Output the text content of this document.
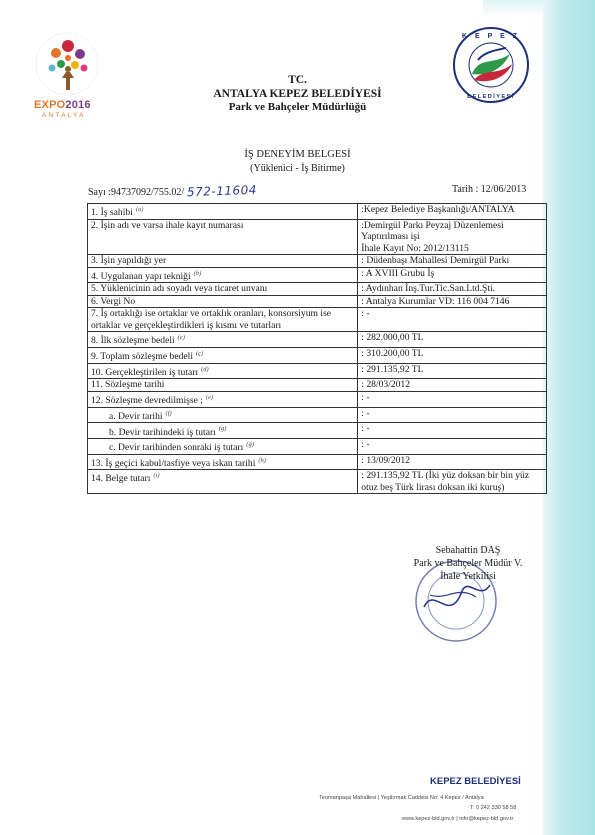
EXPO2016
ANTALYA
K E P E Z
BELEDİYESİ
TC.
ANTALYA KEPEZ BELEDİYESİ
Park ve Bahçeler Müdürlüğü
İŞ DENEYİM BELGESİ
(Yüklenici - İş Bitirme)
Sayı :94737092/755.02/ 572-11604	Tarih : 12/06/2013
1. İş sahibi $^{(a)}$	:Kepez Belediye Başkanlığı/ANTALYA

2. İşin adı ve varsa ihale kayıt numarası	:Demirgül Parkı Peyzaj Düzenlemesi Yaptırılması işi
İhale Kayıt No: 2012/13115

3. İşin yapıldığı yer	: Düdenbaşı Mahallesi Demirgül Parkı

4. Uygulanan yapı tekniği $^{(b)}$	: A XVIII Grubu İş

5. Yüklenicinin adı soyadı veya ticaret unvanı	: Aydınhan İnş.Tur.Tic.San.Ltd.Şti.

6. Vergi No	: Antalya Kurumlar VD: 116 004 7146

7. İş ortaklığı ise ortaklar ve ortaklık oranları, konsorsiyum ise ortaklar ve gerçekleştirdikleri iş kısmı ve tutarları	: -

8. İlk sözleşme bedeli $^{(c)}$	: 282.000,00 TL

9. Toplam sözleşme bedeli $^{(ç)}$	: 310.200,00 TL

10. Gerçekleştirilen iş tutarı $^{(d)}$	: 291.135,92 TL

11. Sözleşme tarihi	: 28/03/2012

12. Sözleşme devredilmişse ; $^{(e)}$	: -

a. Devir tarihi $^{(f)}$	: -

b. Devir tarihindeki iş tutarı $^{(g)}$	: -

c. Devir tarihinden sonraki iş tutarı $^{(ğ)}$	: -

13. İş geçici kabul/tasfiye veya iskan tarihi $^{(h)}$	: 13/09/2012

14. Belge tutarı $^{(ı)}$	: 291.135,92 TL (İki yüz doksan bir bin yüz otuz beş Türk lirası doksan iki kuruş)
Sebahattin DAŞ
Park ve Bahçeler Müdür V.
İhale Yetkilisi
KEPEZ BELEDİYESİ
Teomanpaşa Mahallesi | Yeşilırmak Caddesi No: 4 Kepez / Antalya
T: 0 242 330 58 58
www.kepez-bld.gov.tr | info@kepez-bld.gov.tr
